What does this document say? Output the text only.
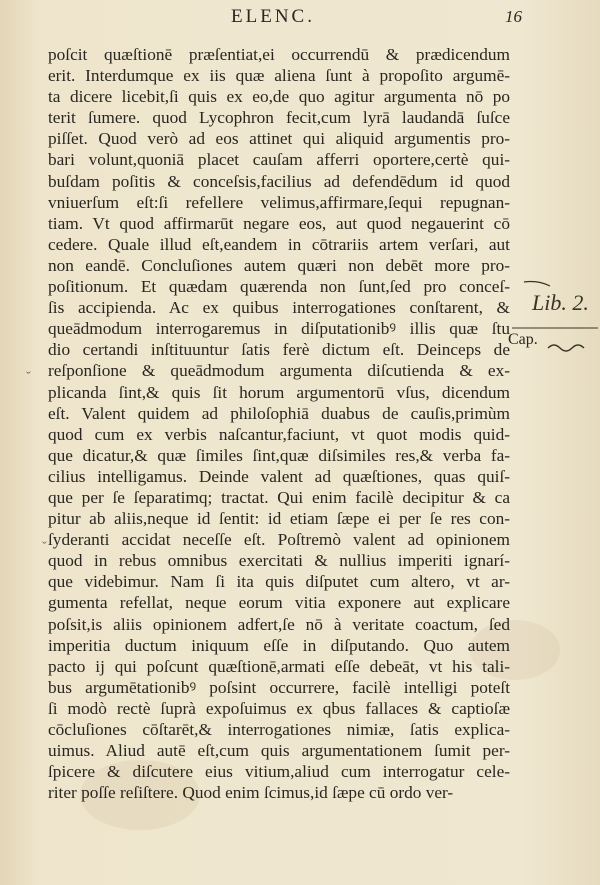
ELENC.	16
poſcit quæſtionē præſentiat,ei occurrendū & prædicendum
erit. Interdumque ex iis quæ aliena ſunt à propoſito argumē-
ta dicere licebit,ſi quis ex eo,de quo agitur argumenta nō po
terit ſumere. quod Lycophron fecit,cum lyrā laudandā ſuſce
piſſet. Quod verò ad eos attinet qui aliquid argumentis pro-
bari volunt,quoniā placet cauſam afferri oportere,certè qui-
buſdam poſitis & conceſsis,facilius ad defendēdum id quod
vniuerſum eſt:ſi refellere velimus,affirmare,ſequi repugnan-
tiam. Vt quod affirmarūt negare eos, aut quod negauerint cō
cedere. Quale illud eſt,eandem in cōtrariis artem verſari, aut
non eandē. Concluſiones autem quæri non debēt more pro-
poſitionum. Et quædam quærenda non ſunt,ſed pro conceſ-
ſis accipienda. Ac ex quibus interrogationes conſtarent, &
queādmodum interrogaremus in diſputationibꝰ illis quæ ſtu
dio certandi inſtituuntur ſatis ferè dictum eſt. Deinceps de
reſponſione & queādmodum argumenta diſcutienda & ex-
plicanda ſint,& quis ſit horum argumentorū vſus, dicendum
eſt. Valent quidem ad philoſophiā duabus de cauſis,primùm
quod cum ex verbis naſcantur,faciunt, vt quot modis quid-
que dicatur,& quæ ſimiles ſint,quæ diſsimiles res,& verba fa-
cilius intelligamus. Deinde valent ad quæſtiones, quas quiſ-
que per ſe ſeparatimq; tractat. Qui enim facilè decipitur & ca
pitur ab aliis,neque id ſentit: id etiam ſæpe ei per ſe res con-
ſyderanti accidat neceſſe eſt. Poſtremò valent ad opinionem
quod in rebus omnibus exercitati & nullius imperiti ignarí-
que videbimur. Nam ſi ita quis diſputet cum altero, vt ar-
gumenta refellat, neque eorum vitia exponere aut explicare
poſsit,is aliis opinionem adfert,ſe nō à veritate coactum, ſed
imperitia ductum iniquum eſſe in diſputando. Quo autem
pacto ij qui poſcunt quæſtionē,armati eſſe debeāt, vt his tali-
bus argumētationibꝰ poſsint occurrere, facilè intelligi poteſt
ſi modò rectè ſuprà expoſuimus ex qbus fallaces & captioſæ
cōcluſiones cōſtarēt,& interrogationes nimiæ, ſatis explica-
uimus. Aliud autē eſt,cum quis argumentationem ſumit per-
ſpicere & diſcutere eius vitium,aliud cum interrogatur cele-
riter poſſe reſiſtere. Quod enim ſcimus,id ſæpe cū ordo ver-
Lib. 2.
Cap.
ˇ
ˇ
